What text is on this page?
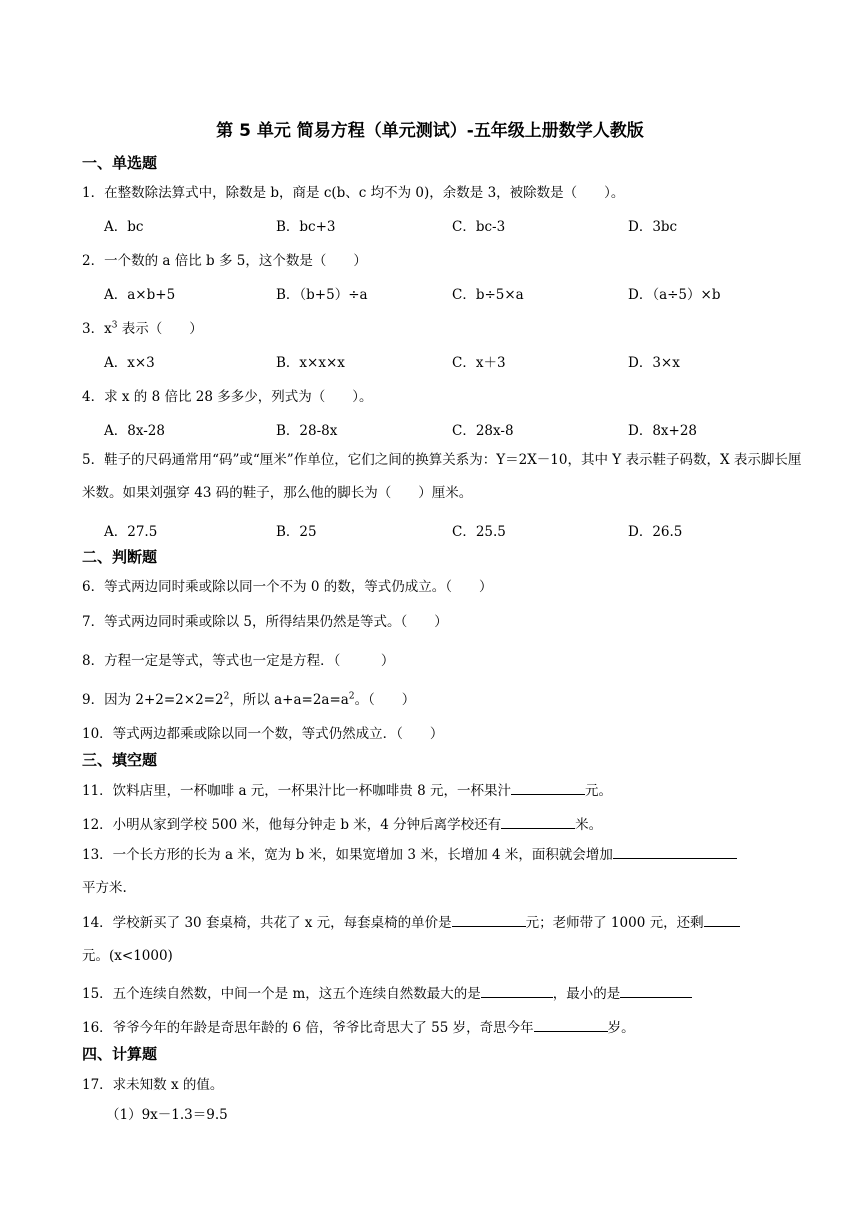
第 5 单元 简易方程（单元测试）-五年级上册数学人教版
一、单选题
1．在整数除法算式中，除数是 b，商是 c(b、c 均不为 0)，余数是 3，被除数是（　　）。
A．bc	B．bc+3	C．bc-3	D．3bc
2．一个数的 a 倍比 b 多 5，这个数是（　　）
A．a×b+5	B．（b+5）÷a	C．b÷5×a	D．（a÷5）×b
3．$x^3$ 表示（　　）
A．x×3	B．x×x×x	C．x＋3	D．3×x
4．求 x 的 8 倍比 28 多多少，列式为（　　）。
A．8x-28	B．28-8x	C．28x-8	D．8x+28
5．鞋子的尺码通常用“码”或“厘米”作单位，它们之间的换算关系为：Y＝2X－10，其中 Y 表示鞋子码数，X 表示脚长厘米数。如果刘强穿 43 码的鞋子，那么他的脚长为（　　）厘米。
A．27.5	B．25	C．25.5	D．26.5
二、判断题
6．等式两边同时乘或除以同一个不为 0 的数，等式仍成立。（　　）
7．等式两边同时乘或除以 5，所得结果仍然是等式。（　　）
8．方程一定是等式，等式也一定是方程．（　　　）
9．因为 $2+2=2\times 2=2^2$，所以 $a+a=2a=a^2$。（　　）
10．等式两边都乘或除以同一个数，等式仍然成立．（　　）
三、填空题
11．饮料店里，一杯咖啡 a 元，一杯果汁比一杯咖啡贵 8 元，一杯果汁	元。
12．小明从家到学校 500 米，他每分钟走 b 米，4 分钟后离学校还有	米。
13．一个长方形的长为 a 米，宽为 b 米，如果宽增加 3 米，长增加 4 米，面积就会增加
平方米.
14．学校新买了 30 套桌椅，共花了 x 元，每套桌椅的单价是	元；老师带了 1000 元，还剩
元。(x<1000)
15．五个连续自然数，中间一个是 m，这五个连续自然数最大的是	，最小的是
16．爷爷今年的年龄是奇思年龄的 6 倍，爷爷比奇思大了 55 岁，奇思今年	岁。
四、计算题
17．求未知数 x 的值。
（1）9x－1.3＝9.5
